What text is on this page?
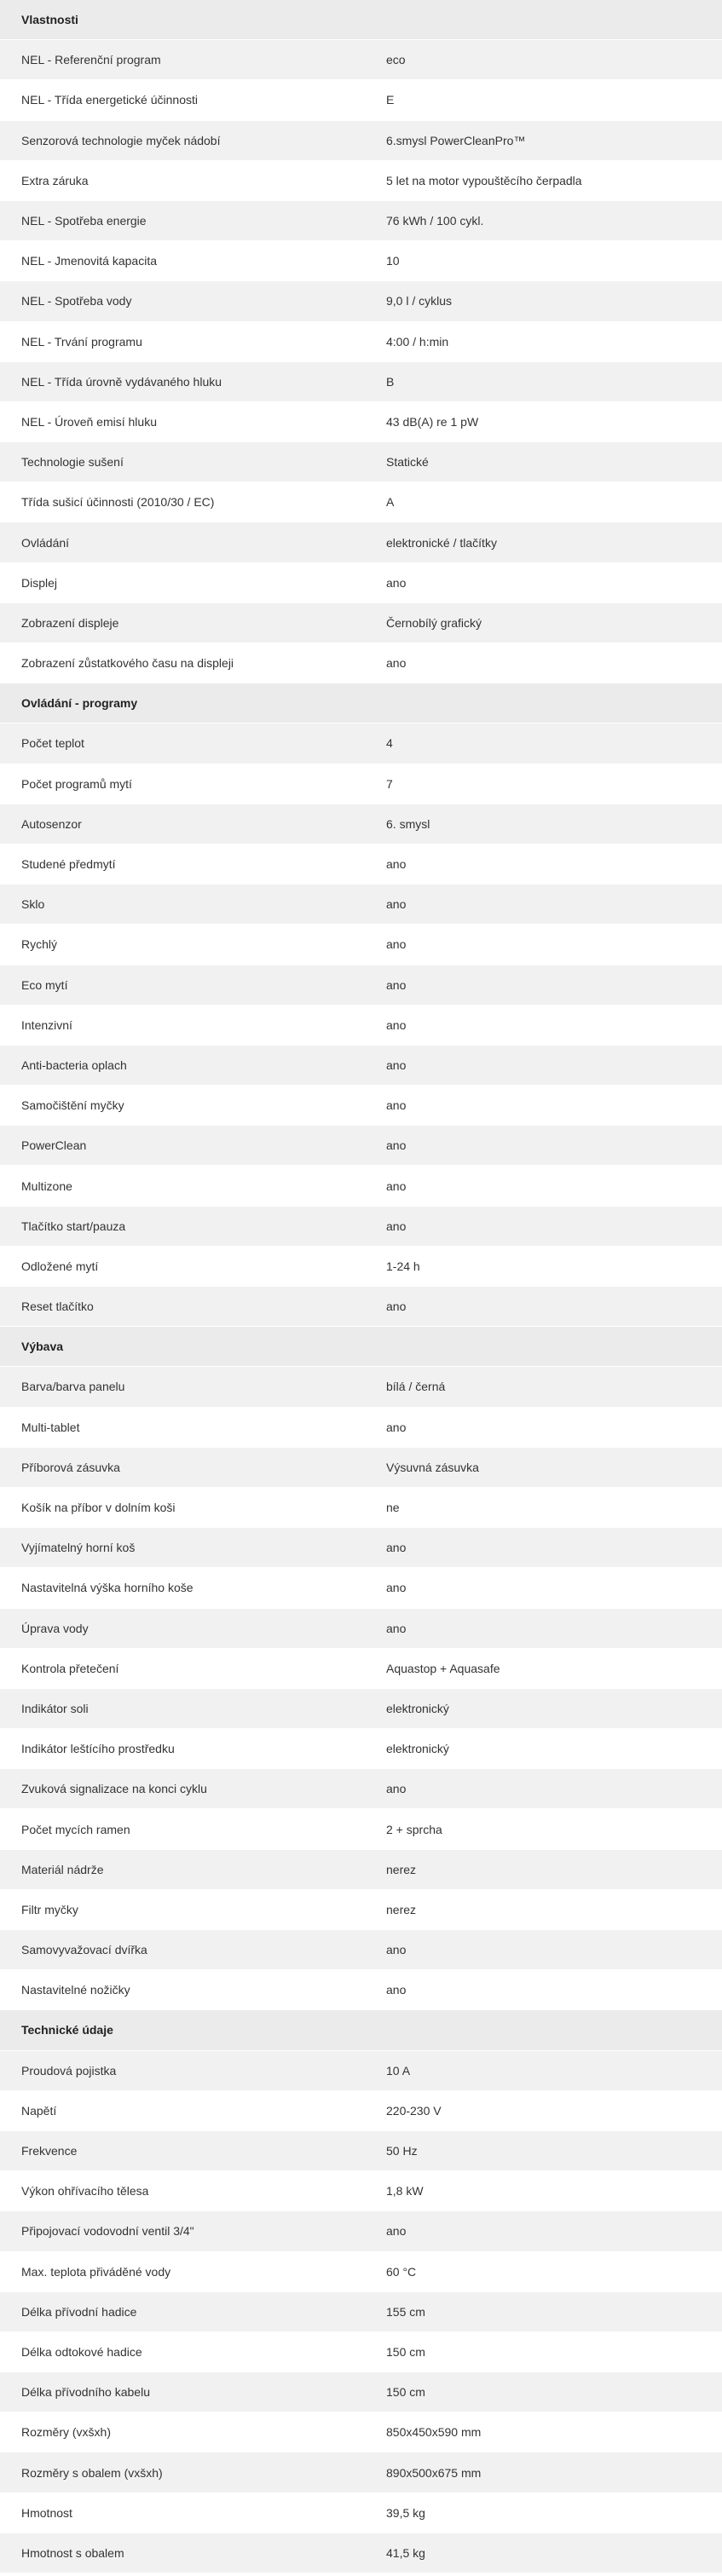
Vlastnosti
NEL - Referenční program	eco
NEL - Třída energetické účinnosti	E
Senzorová technologie myček nádobí	6.smysl PowerCleanPro™
Extra záruka	5 let na motor vypouštěcího čerpadla
NEL - Spotřeba energie	76 kWh / 100 cykl.
NEL - Jmenovitá kapacita	10
NEL - Spotřeba vody	9,0 l / cyklus
NEL - Trvání programu	4:00 / h:min
NEL - Třída úrovně vydávaného hluku	B
NEL - Úroveň emisí hluku	43 dB(A) re 1 pW
Technologie sušení	Statické
Třída sušicí účinnosti (2010/30 / EC)	A
Ovládání	elektronické / tlačítky
Displej	ano
Zobrazení displeje	Černobílý grafický
Zobrazení zůstatkového času na displeji	ano
Ovládání - programy
Počet teplot	4
Počet programů mytí	7
Autosenzor	6. smysl
Studené předmytí	ano
Sklo	ano
Rychlý	ano
Eco mytí	ano
Intenzivní	ano
Anti-bacteria oplach	ano
Samočištění myčky	ano
PowerClean	ano
Multizone	ano
Tlačítko start/pauza	ano
Odložené mytí	1-24 h
Reset tlačítko	ano
Výbava
Barva/barva panelu	bílá / černá
Multi-tablet	ano
Příborová zásuvka	Výsuvná zásuvka
Košík na příbor v dolním koši	ne
Vyjímatelný horní koš	ano
Nastavitelná výška horního koše	ano
Úprava vody	ano
Kontrola přetečení	Aquastop + Aquasafe
Indikátor soli	elektronický
Indikátor leštícího prostředku	elektronický
Zvuková signalizace na konci cyklu	ano
Počet mycích ramen	2 + sprcha
Materiál nádrže	nerez
Filtr myčky	nerez
Samovyvažovací dvířka	ano
Nastavitelné nožičky	ano
Technické údaje
Proudová pojistka	10 A
Napětí	220-230 V
Frekvence	50 Hz
Výkon ohřívacího tělesa	1,8 kW
Připojovací vodovodní ventil 3/4"	ano
Max. teplota přiváděné vody	60 °C
Délka přívodní hadice	155 cm
Délka odtokové hadice	150 cm
Délka přívodního kabelu	150 cm
Rozměry (vxšxh)	850x450x590 mm
Rozměry s obalem (vxšxh)	890x500x675 mm
Hmotnost	39,5 kg
Hmotnost s obalem	41,5 kg
